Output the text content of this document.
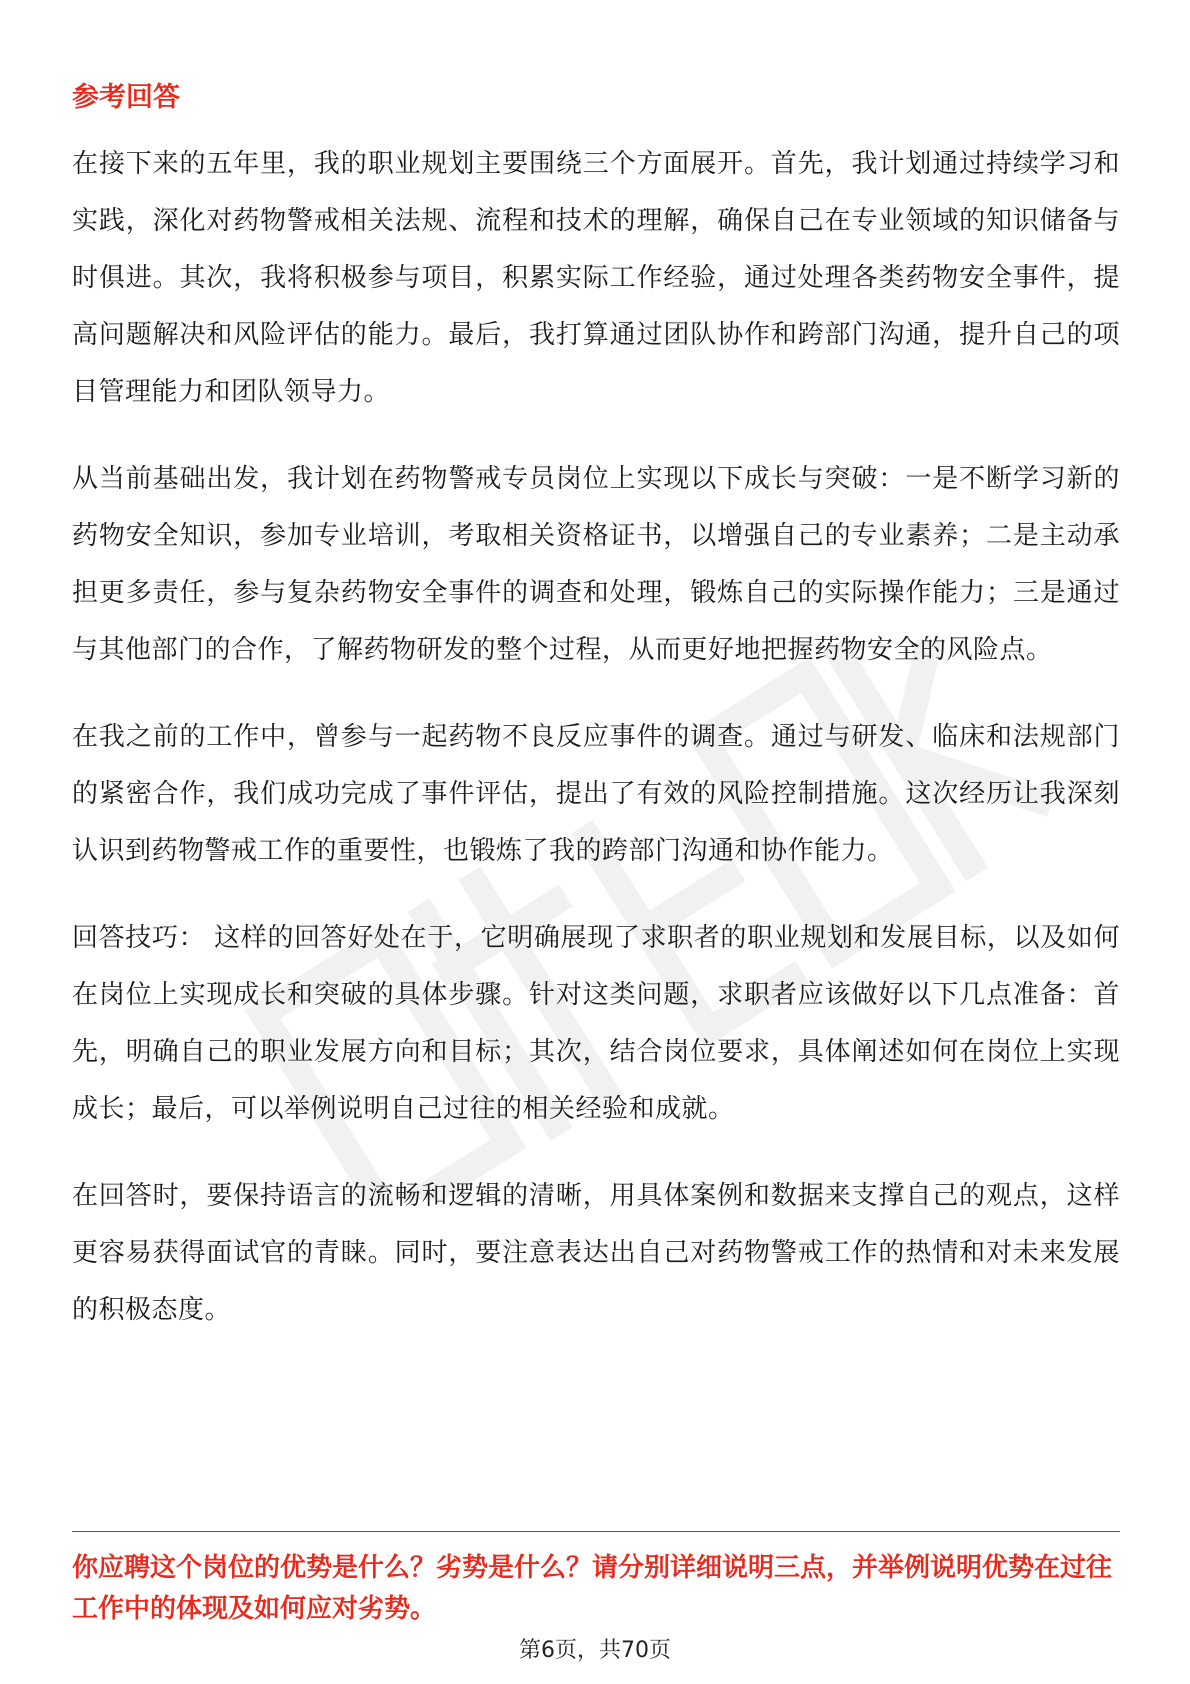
参考回答

在接下来的五年里，我的职业规划主要围绕三个方面展开。首先，我计划通过持续学习和实践，深化对药物警戒相关法规、流程和技术的理解，确保自己在专业领域的知识储备与时俱进。其次，我将积极参与项目，积累实际工作经验，通过处理各类药物安全事件，提高问题解决和风险评估的能力。最后，我打算通过团队协作和跨部门沟通，提升自己的项目管理能力和团队领导力。

从当前基础出发，我计划在药物警戒专员岗位上实现以下成长与突破：一是不断学习新的药物安全知识，参加专业培训，考取相关资格证书，以增强自己的专业素养；二是主动承担更多责任，参与复杂药物安全事件的调查和处理，锻炼自己的实际操作能力；三是通过与其他部门的合作，了解药物研发的整个过程，从而更好地把握药物安全的风险点。

在我之前的工作中，曾参与一起药物不良反应事件的调查。通过与研发、临床和法规部门的紧密合作，我们成功完成了事件评估，提出了有效的风险控制措施。这次经历让我深刻认识到药物警戒工作的重要性，也锻炼了我的跨部门沟通和协作能力。

回答技巧： 这样的回答好处在于，它明确展现了求职者的职业规划和发展目标，以及如何在岗位上实现成长和突破的具体步骤。针对这类问题，求职者应该做好以下几点准备：首先，明确自己的职业发展方向和目标；其次，结合岗位要求，具体阐述如何在岗位上实现成长；最后，可以举例说明自己过往的相关经验和成就。

在回答时，要保持语言的流畅和逻辑的清晰，用具体案例和数据来支撑自己的观点，这样更容易获得面试官的青睐。同时，要注意表达出自己对药物警戒工作的热情和对未来发展的积极态度。

你应聘这个岗位的优势是什么？劣势是什么？请分别详细说明三点，并举例说明优势在过往工作中的体现及如何应对劣势。

第6页，共70页
